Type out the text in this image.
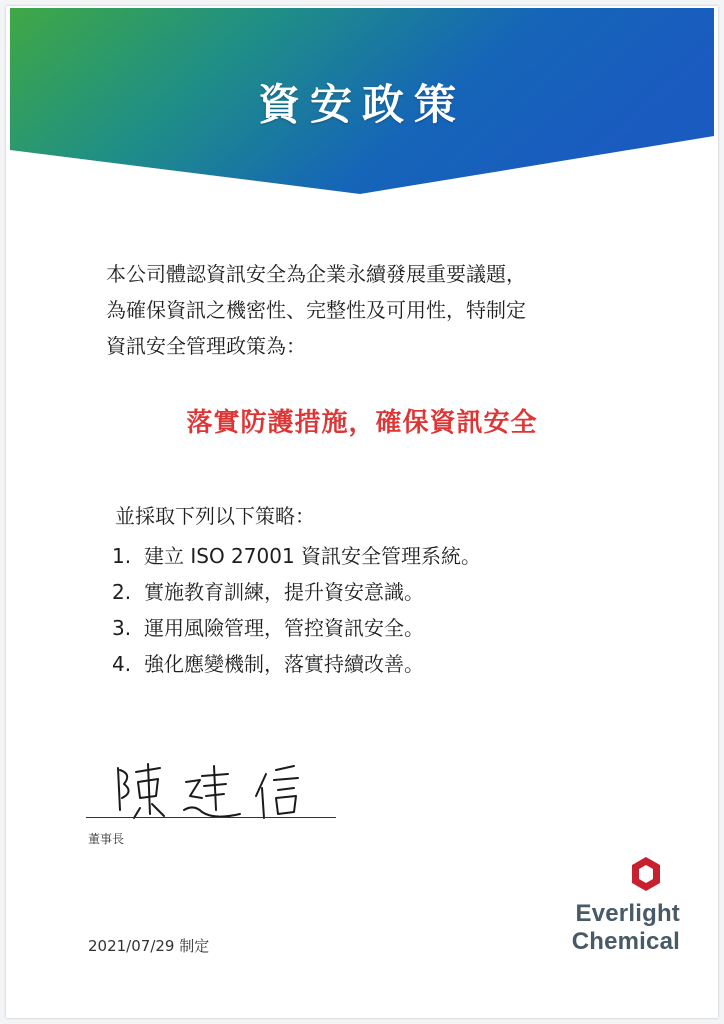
資安政策
本公司體認資訊安全為企業永續發展重要議題，
為確保資訊之機密性、完整性及可用性，特制定
資訊安全管理政策為：
落實防護措施，確保資訊安全
並採取下列以下策略：
1. 建立 ISO 27001 資訊安全管理系統。
2. 實施教育訓練，提升資安意識。
3. 運用風險管理，管控資訊安全。
4. 強化應變機制，落實持續改善。
董事長
2021/07/29 制定
Everlight
Chemical
